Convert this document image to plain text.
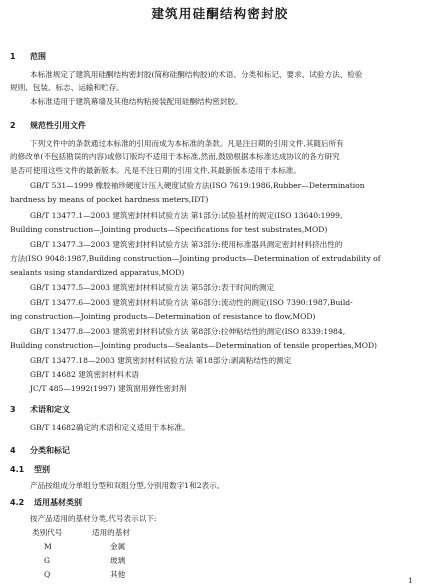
建筑用硅酮结构密封胶
1 范围
本标准规定了建筑用硅酮结构密封胶(简称硅酮结构胶)的术语、分类和标记、要求、试验方法、检验
规则、包装、标志、运输和贮存。
本标准适用于建筑幕墙及其他结构粘接装配用硅酮结构密封胶。
2 规范性引用文件
下列文件中的条款通过本标准的引用而成为本标准的条款。凡是注日期的引用文件,其随后所有
的修改单(不包括勘误的内容)或修订版均不适用于本标准,然而,鼓励根据本标准达成协议的各方研究
是否可使用这些文件的最新版本。凡是不注日期的引用文件,其最新版本适用于本标准。
GB/T 531—1999 橡胶袖珍硬度计压入硬度试验方法(ISO 7619:1986,Rubber—Determination
hardness by means of pocket hardness meters,IDT)
GB/T 13477.1—2003 建筑密封材料试验方法 第1部分:试验基材的规定(ISO 13640:1999,
Building construction—Jointing products—Specifications for test substrates,MOD)
GB/T 13477.3—2003 建筑密封材料试验方法 第3部分:使用标准器具测定密封材料挤出性的
方法(ISO 9048:1987,Building construction—Jointing products—Determination of extrudability of
sealants using standardized apparatus,MOD)
GB/T 13477.5—2003 建筑密封材料试验方法 第5部分:表干时间的测定
GB/T 13477.6—2003 建筑密封材料试验方法 第6部分:流动性的测定(ISO 7390:1987,Build-
ing construction—Jointing products—Determination of resistance to flow,MOD)
GB/T 13477.8—2003 建筑密封材料试验方法 第8部分:拉伸粘结性的测定(ISO 8339:1984,
Building construction—Jointing products—Sealants—Determination of tensile properties,MOD)
GB/T 13477.18—2003 建筑密封材料试验方法 第18部分:剥离粘结性的测定
GB/T 14682 建筑密封材料术语
JC/T 485—1992(1997) 建筑窗用弹性密封剂
3 术语和定义
GB/T 14682确定的术语和定义适用于本标准。
4 分类和标记
4.1 型别
产品按组成分单组分型和双组分型,分别用数字1和2表示。
4.2 适用基材类别
按产品适用的基材分类,代号表示以下:
类别代号	适用的基材
M	金属
G	玻璃
Q	其他
1
